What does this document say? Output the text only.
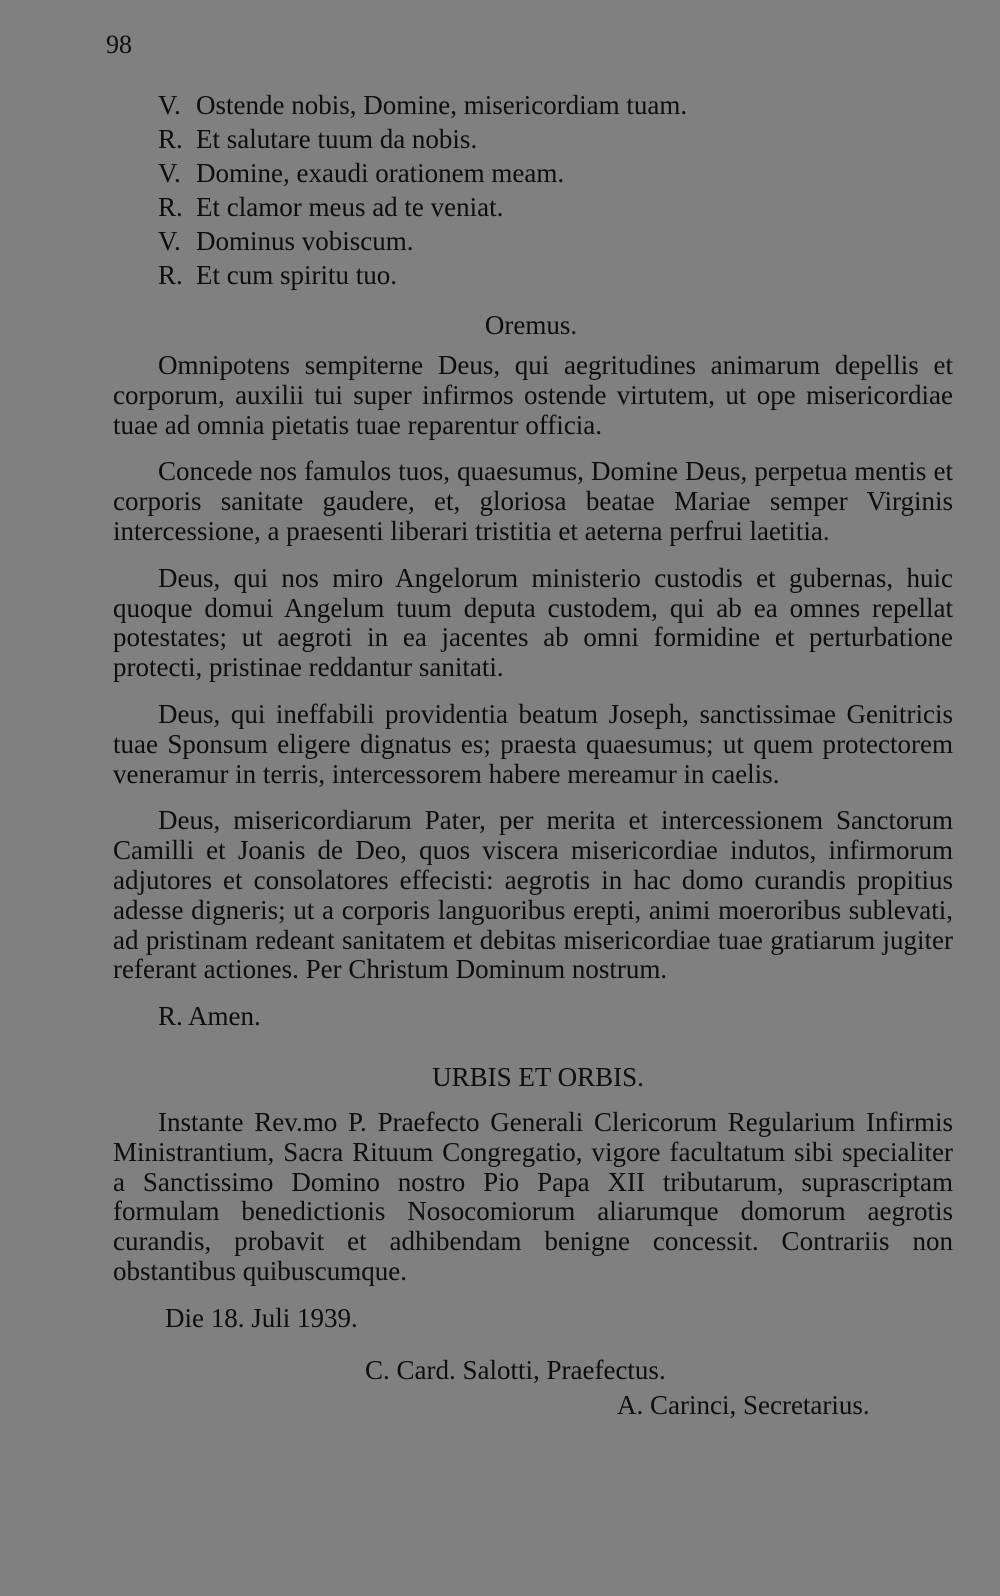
98
V. Ostende nobis, Domine, misericordiam tuam.
R. Et salutare tuum da nobis.
V. Domine, exaudi orationem meam.
R. Et clamor meus ad te veniat.
V. Dominus vobiscum.
R. Et cum spiritu tuo.
Oremus.

Omnipotens sempiterne Deus, qui aegritudines animarum depellis et corporum, auxilii tui super infirmos ostende virtutem, ut ope misericordiae tuae ad omnia pietatis tuae reparentur officia.

Concede nos famulos tuos, quaesumus, Domine Deus, perpetua mentis et corporis sanitate gaudere, et, gloriosa beatae Mariae semper Virginis intercessione, a praesenti liberari tristitia et aeterna perfrui laetitia.

Deus, qui nos miro Angelorum ministerio custodis et gubernas, huic quoque domui Angelum tuum deputa custodem, qui ab ea omnes repellat potestates; ut aegroti in ea jacentes ab omni formidine et perturbatione protecti, pristinae reddantur sanitati.

Deus, qui ineffabili providentia beatum Joseph, sanctissimae Genitricis tuae Sponsum eligere dignatus es; praesta quaesumus; ut quem protectorem veneramur in terris, intercessorem habere mereamur in caelis.

Deus, misericordiarum Pater, per merita et intercessionem Sanctorum Camilli et Joanis de Deo, quos viscera misericordiae indutos, infirmorum adjutores et consolatores effecisti: aegrotis in hac domo curandis propitius adesse digneris; ut a corporis languoribus erepti, animi moeroribus sublevati, ad pristinam redeant sanitatem et debitas misericordiae tuae gratiarum jugiter referant actiones. Per Christum Dominum nostrum.

R. Amen.

URBIS ET ORBIS.

Instante Rev.mo P. Praefecto Generali Clericorum Regularium Infirmis Ministrantium, Sacra Rituum Congregatio, vigore facultatum sibi specialiter a Sanctissimo Domino nostro Pio Papa XII tributarum, suprascriptam formulam benedictionis Nosocomiorum aliarumque domorum aegrotis curandis, probavit et adhibendam benigne concessit. Contrariis non obstantibus quibuscumque.

Die 18. Juli 1939.

C. Card. Salotti, Praefectus.

A. Carinci, Secretarius.
